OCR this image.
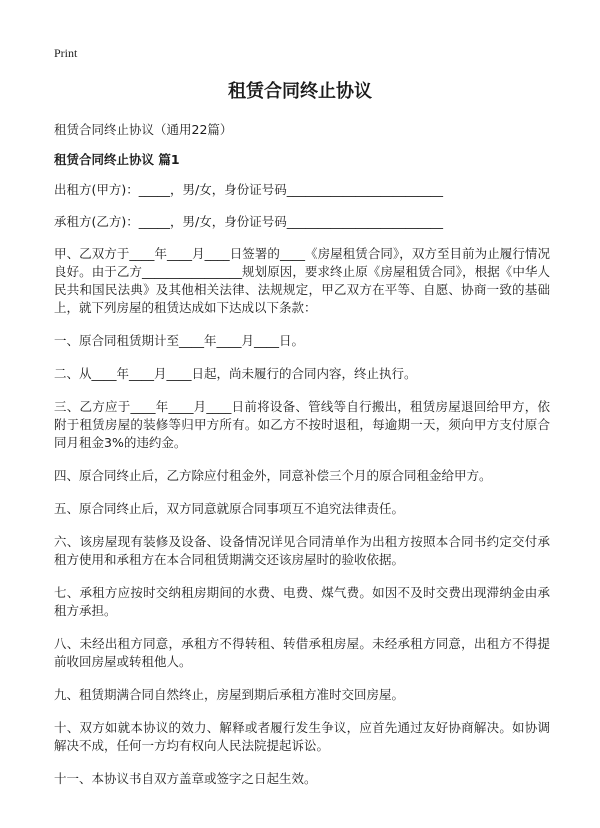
Print
租赁合同终止协议
租赁合同终止协议（通用22篇）
租赁合同终止协议 篇1

出租方(甲方)：_____，男/女，身份证号码_________________________

承租方(乙方)：_____，男/女，身份证号码_________________________

甲、乙双方于____年____月____日签署的____《房屋租赁合同》，双方至目前为止履行情况良好。由于乙方________________规划原因，要求终止原《房屋租赁合同》，根据《中华人民共和国民法典》及其他相关法律、法规规定，甲乙双方在平等、自愿、协商一致的基础上，就下列房屋的租赁达成如下达成以下条款：

一、原合同租赁期计至____年____月____日。

二、从____年____月____日起，尚未履行的合同内容，终止执行。

三、乙方应于____年____月____日前将设备、管线等自行搬出，租赁房屋退回给甲方，依附于租赁房屋的装修等归甲方所有。如乙方不按时退租，每逾期一天，须向甲方支付原合同月租金3%的违约金。

四、原合同终止后，乙方除应付租金外，同意补偿三个月的原合同租金给甲方。

五、原合同终止后，双方同意就原合同事项互不追究法律责任。

六、该房屋现有装修及设备、设备情况详见合同清单作为出租方按照本合同书约定交付承租方使用和承租方在本合同租赁期满交还该房屋时的验收依据。

七、承租方应按时交纳租房期间的水费、电费、煤气费。如因不及时交费出现滞纳金由承租方承担。

八、未经出租方同意，承租方不得转租、转借承租房屋。未经承租方同意，出租方不得提前收回房屋或转租他人。

九、租赁期满合同自然终止，房屋到期后承租方准时交回房屋。

十、双方如就本协议的效力、解释或者履行发生争议，应首先通过友好协商解决。如协调解决不成，任何一方均有权向人民法院提起诉讼。

十一、本协议书自双方盖章或签字之日起生效。
